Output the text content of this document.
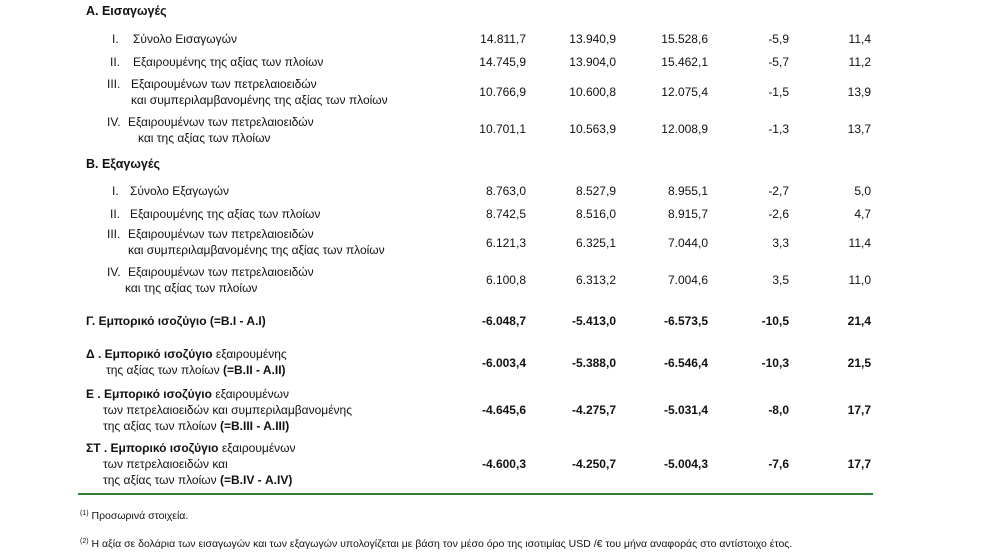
Α. Εισαγωγές
I. Σύνολο Εισαγωγών	14.811,7	13.940,9	15.528,6	-5,9	11,4
II. Εξαιρουμένης της αξίας των πλοίων	14.745,9	13.904,0	15.462,1	-5,7	11,2
III. Εξαιρουμένων των πετρελαιοειδών
και συμπεριλαμβανομένης της αξίας των πλοίων
10.766,9	10.600,8	12.075,4	-1,5	13,9
IV. Εξαιρουμένων των πετρελαιοειδών
και της αξίας των πλοίων
10.701,1	10.563,9	12.008,9	-1,3	13,7
Β. Εξαγωγές
I. Σύνολο Εξαγωγών	8.763,0	8.527,9	8.955,1	-2,7	5,0
II. Εξαιρουμένης της αξίας των πλοίων	8.742,5	8.516,0	8.915,7	-2,6	4,7
III. Εξαιρουμένων των πετρελαιοειδών
και συμπεριλαμβανομένης της αξίας των πλοίων	6.121,3	6.325,1	7.044,0	3,3	11,4
IV. Εξαιρουμένων των πετρελαιοειδών
και της αξίας των πλοίων
6.100,8	6.313,2	7.004,6	3,5	11,0
Γ. Εμπορικό ισοζύγιο (=Β.Ι - Α.Ι)	-6.048,7	-5.413,0	-6.573,5	-10,5	21,4
Δ . Εμπορικό ισοζύγιο εξαιρουμένης
της αξίας των πλοίων (=Β.ΙΙ - Α.ΙΙ)	-6.003,4	-5.388,0	-6.546,4	-10,3	21,5
Ε . Εμπορικό ισοζύγιο εξαιρουμένων
των πετρελαιοειδών και συμπεριλαμβανομένης
της αξίας των πλοίων (=Β.ΙΙΙ - Α.ΙΙΙ)
-4.645,6	-4.275,7	-5.031,4	-8,0	17,7
ΣΤ . Εμπορικό ισοζύγιο εξαιρουμένων
των πετρελαιοειδών και
της αξίας των πλοίων (=Β.IV - Α.IV)
-4.600,3	-4.250,7	-5.004,3	-7,6	17,7
$^{(1)}$ Προσωρινά στοιχεία.
$^{(2)}$ Η αξία σε δολάρια των εισαγωγών και των εξαγωγών υπολογίζεται με βάση τον μέσο όρο της ισοτιμίας USD /€ του μήνα αναφοράς στο αντίστοιχο έτος.
